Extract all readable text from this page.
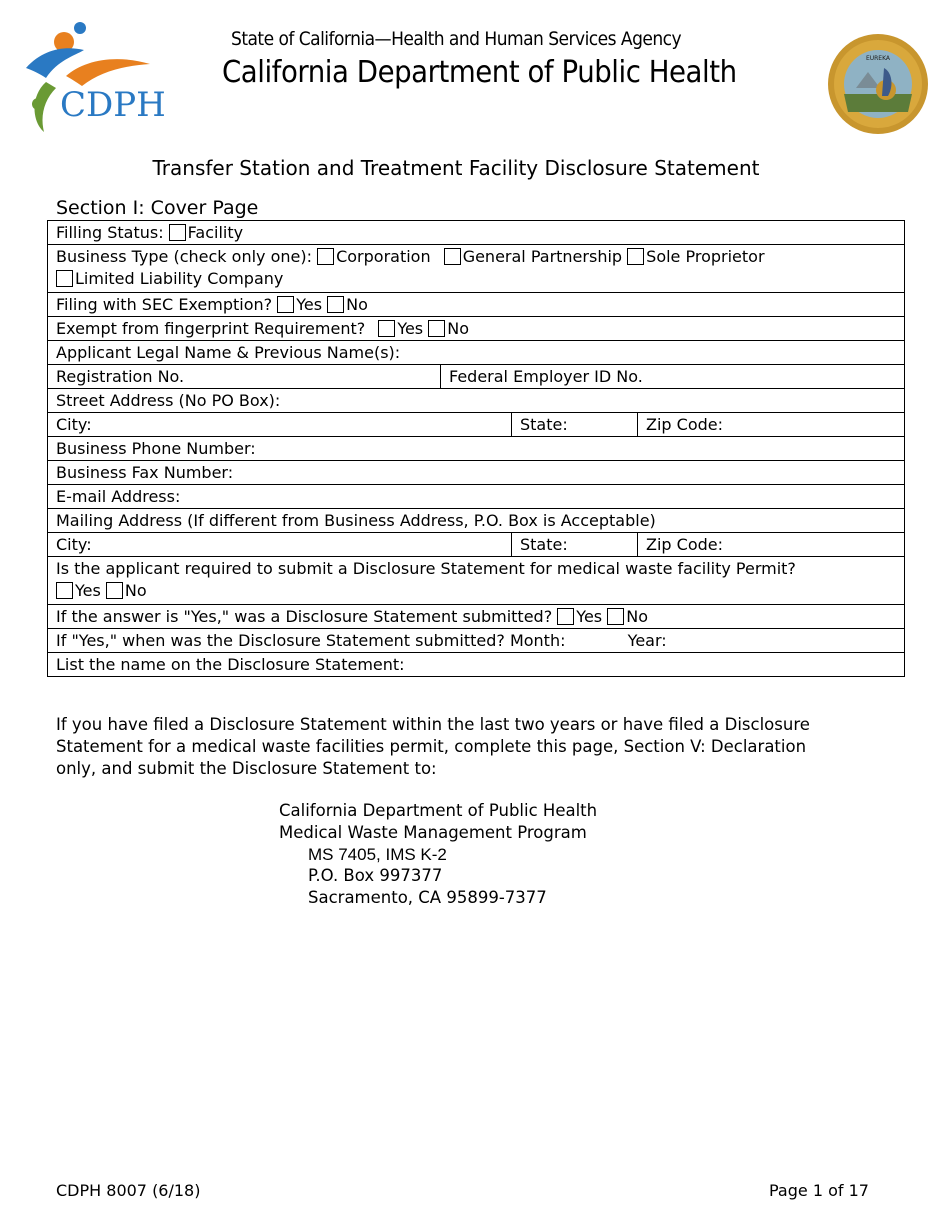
CDPH
State of California—Health and Human Services Agency
California Department of Public Health	EUREKA
Transfer Station and Treatment Facility Disclosure Statement
Section I: Cover Page
Filling Status: Facility
Business Type (check only one): Corporation General Partnership Sole Proprietor
Limited Liability Company
Filing with SEC Exemption? Yes No
Exempt from fingerprint Requirement? Yes No
Applicant Legal Name & Previous Name(s):
Registration No.	Federal Employer ID No.
Street Address (No PO Box):
City:	State:	Zip Code:
Business Phone Number:
Business Fax Number:
E-mail Address:
Mailing Address (If different from Business Address, P.O. Box is Acceptable)
City:	State:	Zip Code:
Is the applicant required to submit a Disclosure Statement for medical waste facility Permit?
Yes No
If the answer is "Yes," was a Disclosure Statement submitted? Yes No
If "Yes," when was the Disclosure Statement submitted? Month:	Year:
List the name on the Disclosure Statement:
If you have filed a Disclosure Statement within the last two years or have filed a Disclosure Statement for a medical waste facilities permit, complete this page, Section V: Declaration only, and submit the Disclosure Statement to:
California Department of Public Health
Medical Waste Management Program
MS 7405, IMS K-2
P.O. Box 997377
Sacramento, CA 95899-7377
CDPH 8007 (6/18)	Page 1 of 17
